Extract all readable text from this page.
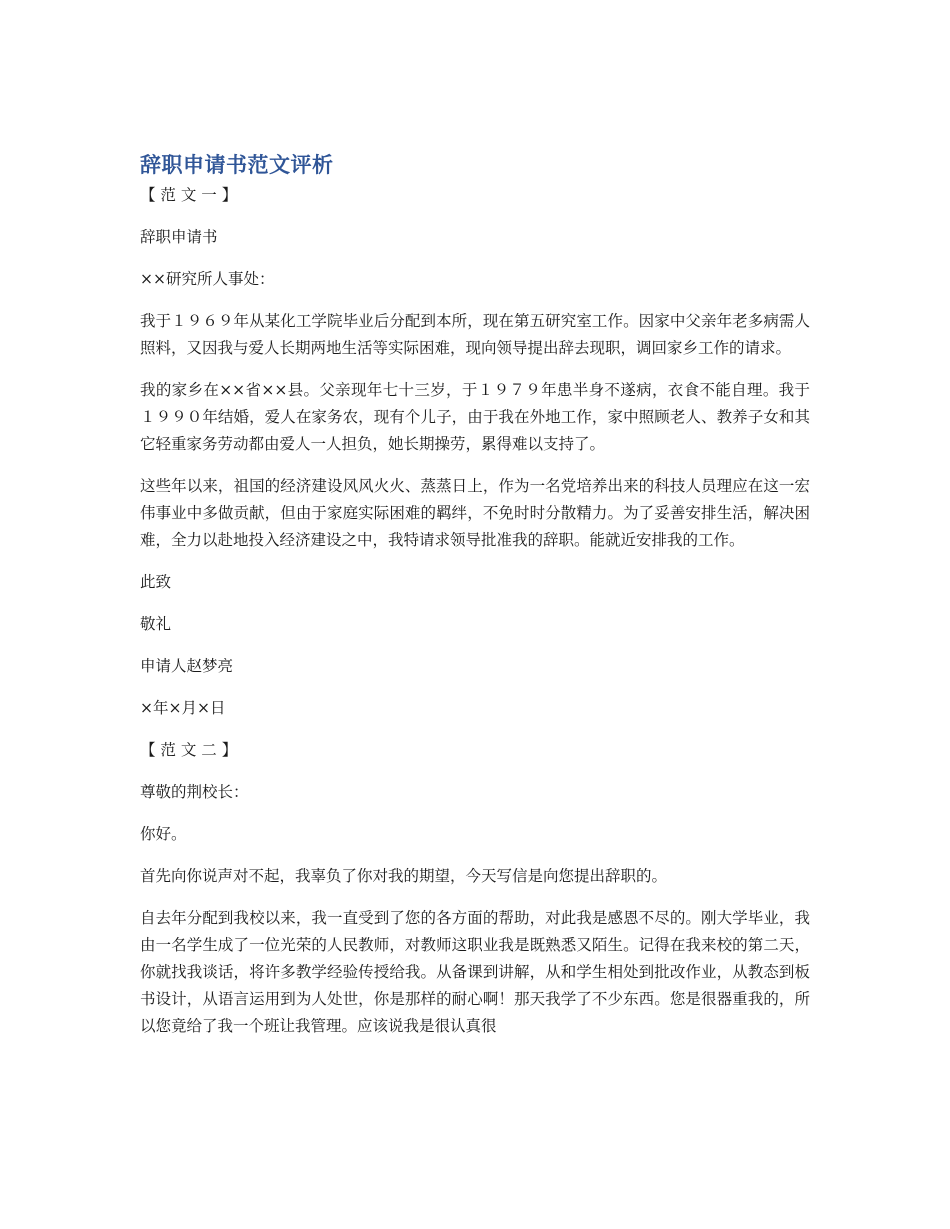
辞职申请书范文评析

【 范 文 一 】

辞职申请书

××研究所人事处：

我于１９６９年从某化工学院毕业后分配到本所，现在第五研究室工作。因家中父亲年老多病需人照料，又因我与爱人长期两地生活等实际困难，现向领导提出辞去现职，调回家乡工作的请求。

我的家乡在××省××县。父亲现年七十三岁，于１９７９年患半身不遂病，衣食不能自理。我于１９９０年结婚，爱人在家务农，现有个儿子，由于我在外地工作，家中照顾老人、教养子女和其它轻重家务劳动都由爱人一人担负，她长期操劳，累得难以支持了。

这些年以来，祖国的经济建设风风火火、蒸蒸日上，作为一名党培养出来的科技人员理应在这一宏伟事业中多做贡献，但由于家庭实际困难的羁绊，不免时时分散精力。为了妥善安排生活，解决困难，全力以赴地投入经济建设之中，我特请求领导批准我的辞职。能就近安排我的工作。

此致

敬礼

申请人赵梦亮

×年×月×日

【 范 文 二 】

尊敬的荆校长：

你好。

首先向你说声对不起，我辜负了你对我的期望，今天写信是向您提出辞职的。

自去年分配到我校以来，我一直受到了您的各方面的帮助，对此我是感恩不尽的。刚大学毕业，我由一名学生成了一位光荣的人民教师，对教师这职业我是既熟悉又陌生。记得在我来校的第二天，你就找我谈话，将许多教学经验传授给我。从备课到讲解，从和学生相处到批改作业，从教态到板书设计，从语言运用到为人处世，你是那样的耐心啊！那天我学了不少东西。您是很器重我的，所以您竟给了我一个班让我管理。应该说我是很认真很
